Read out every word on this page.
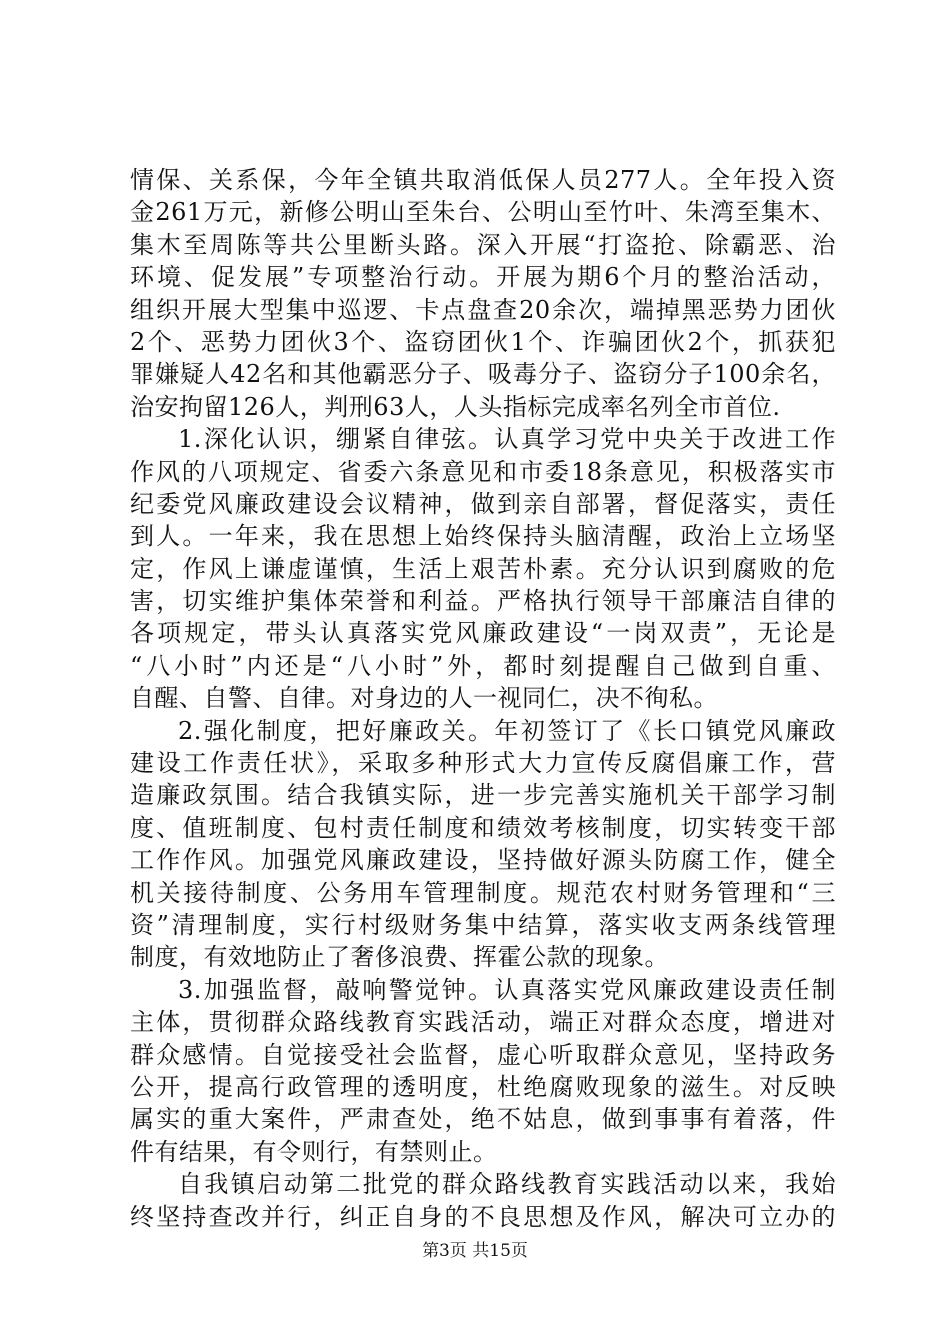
情保、关系保，今年全镇共取消低保人员277人。全年投入资
金261万元，新修公明山至朱台、公明山至竹叶、朱湾至集木、
集木至周陈等共公里断头路。深入开展“打盗抢、除霸恶、治
环境、促发展”专项整治行动。开展为期6个月的整治活动，
组织开展大型集中巡逻、卡点盘查20余次，端掉黑恶势力团伙
2个、恶势力团伙3个、盗窃团伙1个、诈骗团伙2个，抓获犯
罪嫌疑人42名和其他霸恶分子、吸毒分子、盗窃分子100余名，
治安拘留126人，判刑63人，人头指标完成率名列全市首位.
1.深化认识，绷紧自律弦。认真学习党中央关于改进工作
作风的八项规定、省委六条意见和市委18条意见，积极落实市
纪委党风廉政建设会议精神，做到亲自部署，督促落实，责任
到人。一年来，我在思想上始终保持头脑清醒，政治上立场坚
定，作风上谦虚谨慎，生活上艰苦朴素。充分认识到腐败的危
害，切实维护集体荣誉和利益。严格执行领导干部廉洁自律的
各项规定，带头认真落实党风廉政建设“一岗双责”，无论是
“八小时”内还是“八小时”外，都时刻提醒自己做到自重、
自醒、自警、自律。对身边的人一视同仁，决不徇私。
2.强化制度，把好廉政关。年初签订了《长口镇党风廉政
建设工作责任状》，采取多种形式大力宣传反腐倡廉工作，营
造廉政氛围。结合我镇实际，进一步完善实施机关干部学习制
度、值班制度、包村责任制度和绩效考核制度，切实转变干部
工作作风。加强党风廉政建设，坚持做好源头防腐工作，健全
机关接待制度、公务用车管理制度。规范农村财务管理和“三
资”清理制度，实行村级财务集中结算，落实收支两条线管理
制度，有效地防止了奢侈浪费、挥霍公款的现象。
3.加强监督，敲响警觉钟。认真落实党风廉政建设责任制
主体，贯彻群众路线教育实践活动，端正对群众态度，增进对
群众感情。自觉接受社会监督，虚心听取群众意见，坚持政务
公开，提高行政管理的透明度，杜绝腐败现象的滋生。对反映
属实的重大案件，严肃查处，绝不姑息，做到事事有着落，件
件有结果，有令则行，有禁则止。
自我镇启动第二批党的群众路线教育实践活动以来，我始
终坚持查改并行，纠正自身的不良思想及作风，解决可立办的
第3页 共15页
